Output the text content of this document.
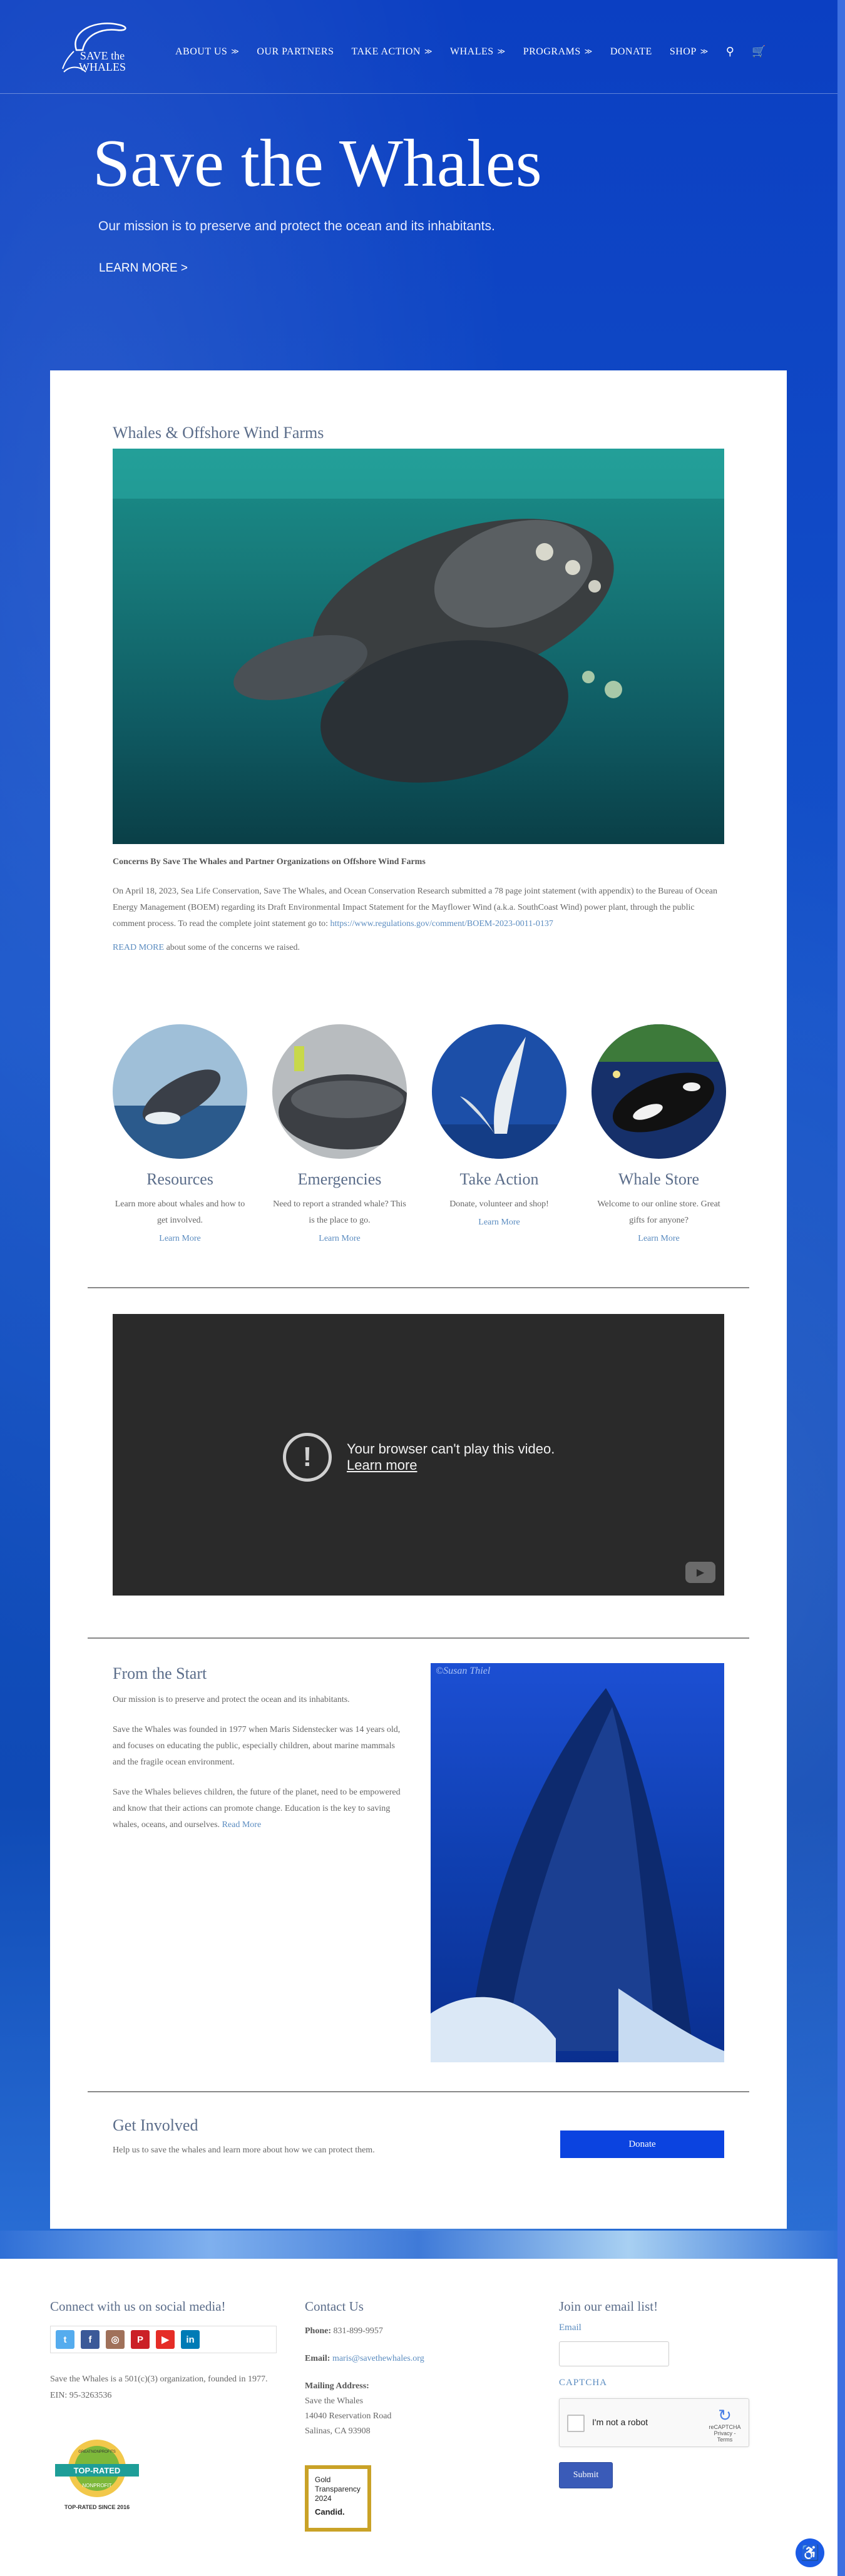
SAVE the
WHALES
ABOUT US ≫ OUR PARTNERS TAKE ACTION ≫ WHALES ≫ PROGRAMS ≫ DONATE SHOP ≫ ⚲ 🛒
Save the Whales
Our mission is to preserve and protect the ocean and its inhabitants.
LEARN MORE >
Whales & Offshore Wind Farms
Concerns By Save The Whales and Partner Organizations on Offshore Wind Farms
On April 18, 2023, Sea Life Conservation, Save The Whales, and Ocean Conservation Research submitted a 78 page joint statement (with appendix) to the Bureau of Ocean Energy Management (BOEM) regarding its Draft Environmental Impact Statement for the Mayflower Wind (a.k.a. SouthCoast Wind) power plant, through the public comment process. To read the complete joint statement go to: https://www.regulations.gov/comment/BOEM-2023-0011-0137
READ MORE about some of the concerns we raised.
Resources
Learn more about whales and how to get involved.
Learn More
Emergencies
Need to report a stranded whale? This is the place to go.
Learn More
Take Action
Donate, volunteer and shop!
Learn More
Whale Store
Welcome to our online store. Great gifts for anyone?
Learn More
!	Your browser can't play this video.
Learn more
▶
From the Start

Our mission is to preserve and protect the ocean and its inhabitants.

Save the Whales was founded in 1977 when Maris Sidenstecker was 14 years old, and focuses on educating the public, especially children, about marine mammals and the fragile ocean environment.

Save the Whales believes children, the future of the planet, need to be empowered and know that their actions can promote change. Education is the key to saving whales, oceans, and ourselves. Read More

©Susan Thiel
Get Involved
Help us to save the whales and learn more about how we can protect them.
Donate
Connect with us on social media!
t	f	◎	P	▶	in
Save the Whales is a 501(c)(3) organization, founded in 1977. EIN: 95-3263536
TOP-RATED
GREATNONPROFITS
NONPROFIT
TOP-RATED SINCE 2016
Contact Us
Phone: 831-899-9957
Email: maris@savethewhales.org
Mailing Address:
Save the Whales
14040 Reservation Road
Salinas, CA 93908
Gold
Transparency
2024
Candid.
Join our email list!
Email
CAPTCHA
I'm not a robot	↻
reCAPTCHA
Privacy - Terms
Submit
♿
